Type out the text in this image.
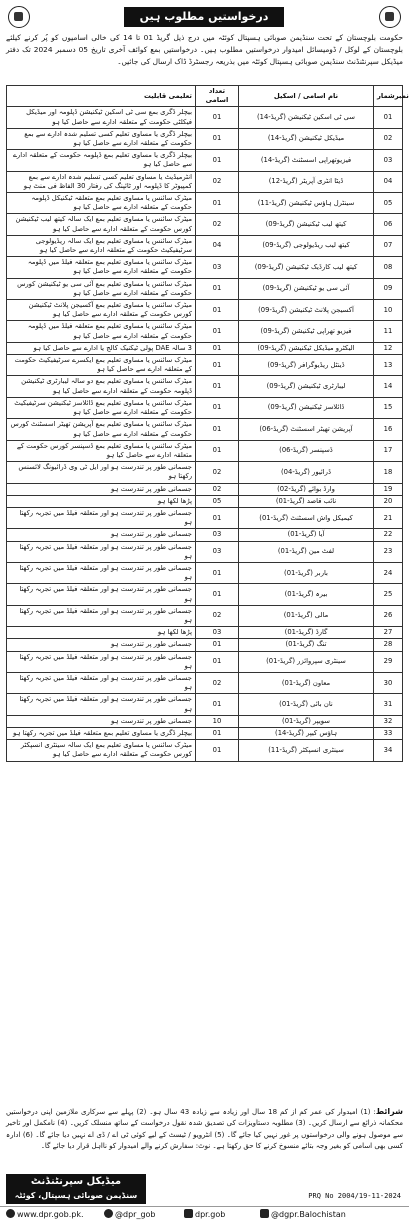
درخواستیں مطلوب ہیں
حکومت بلوچستان کے تحت سنڈیمن صوبائی ہسپتال کوئٹہ میں درج ذیل گریڈ 01 تا 14 کی خالی اسامیوں کو پُر کرنے کیلئے بلوچستان کے لوکل / ڈومیسائل امیدوار درخواستیں مطلوب ہیں۔ درخواستیں بمع کوائف آخری تاریخ 05 دسمبر 2024 تک دفتر میڈیکل سپرنٹنڈنٹ سنڈیمن صوبائی ہسپتال کوئٹہ میں بذریعہ رجسٹرڈ ڈاک ارسال کی جائیں۔
نمبرشمار	نام اسامی / اسکیل	تعداد اسامی	تعلیمی قابلیت
01	سی ٹی اسکین ٹیکنیشن (گریڈ-14)	01	بیچلر ڈگری بمع سی ٹی اسکین ٹیکنیشن ڈپلومہ اور میڈیکل فیکلٹی حکومت کے متعلقہ ادارے سے حاصل کیا ہو
02	میڈیکل ٹیکنیشن (گریڈ-14)	01	بیچلر ڈگری یا مساوی تعلیم کسی تسلیم شدہ ادارے سے بمع حکومت کے متعلقہ ادارے سے حاصل کیا ہو
03	فیزیوتھراپی اسسٹنٹ (گریڈ-14)	01	بیچلر ڈگری یا مساوی تعلیم بمع ڈپلومہ حکومت کے متعلقہ ادارے سے حاصل کیا ہو
04	ڈیٹا انٹری آپریٹر (گریڈ-12)	02	انٹرمیڈیٹ یا مساوی تعلیم کسی تسلیم شدہ ادارے سے بمع کمپیوٹر کا ڈپلومہ اور ٹائپنگ کی رفتار 30 الفاظ فی منٹ ہو
05	سینٹرل ہاؤس ٹیکنیشن (گریڈ-11)	01	میٹرک سائنس یا مساوی تعلیم بمع متعلقہ ٹیکنیکل ڈپلومہ حکومت کے متعلقہ ادارے سے حاصل کیا ہو
06	کیتھ لیب ٹیکنیشن (گریڈ-09)	02	میٹرک سائنس یا مساوی تعلیم بمع ایک سالہ کیتھ لیب ٹیکنیشن کورس حکومت کے متعلقہ ادارے سے حاصل کیا ہو
07	کیتھ لیب ریڈیولوجی (گریڈ-09)	04	میٹرک سائنس یا مساوی تعلیم بمع ایک سالہ ریڈیولوجی سرٹیفیکیٹ حکومت کے متعلقہ ادارے سے حاصل کیا ہو
08	کیتھ لیب کارڈیک ٹیکنیشن (گریڈ-09)	03	میٹرک سائنس یا مساوی تعلیم بمع متعلقہ فیلڈ میں ڈپلومہ حکومت کے متعلقہ ادارے سے حاصل کیا ہو
09	آئی سی یو ٹیکنیشن (گریڈ-09)	01	میٹرک سائنس یا مساوی تعلیم بمع آئی سی یو ٹیکنیشن کورس حکومت کے متعلقہ ادارے سے حاصل کیا ہو
10	آکسیجن پلانٹ ٹیکنیشن (گریڈ-09)	01	میٹرک سائنس یا مساوی تعلیم بمع آکسیجن پلانٹ ٹیکنیشن کورس حکومت کے متعلقہ ادارے سے حاصل کیا ہو
11	فیزیو تھراپی ٹیکنیشن (گریڈ-09)	01	میٹرک سائنس یا مساوی تعلیم بمع متعلقہ فیلڈ میں ڈپلومہ حکومت کے متعلقہ ادارے سے حاصل کیا ہو
12	الیکٹرو میڈیکل ٹیکنیشن (گریڈ-09)	01	3 سالہ DAE پولی ٹیکنیک کالج یا ادارے سے حاصل کیا ہو
13	ڈینٹل ریڈیوگرافر (گریڈ-09)	01	میٹرک سائنس یا مساوی تعلیم بمع ایکسرے سرٹیفیکیٹ حکومت کے متعلقہ ادارے سے حاصل کیا ہو
14	لیبارٹری ٹیکنیشن (گریڈ-09)	01	میٹرک سائنس یا مساوی تعلیم بمع دو سالہ لیبارٹری ٹیکنیشن ڈپلومہ حکومت کے متعلقہ ادارے سے حاصل کیا ہو
15	ڈائلاسز ٹیکنیشن (گریڈ-09)	01	میٹرک سائنس یا مساوی تعلیم بمع ڈائلاسز ٹیکنیشن سرٹیفیکیٹ حکومت کے متعلقہ ادارے سے حاصل کیا ہو
16	آپریشن تھیٹر اسسٹنٹ (گریڈ-06)	01	میٹرک سائنس یا مساوی تعلیم بمع آپریشن تھیٹر اسسٹنٹ کورس حکومت کے متعلقہ ادارے سے حاصل کیا ہو
17	ڈسپنسر (گریڈ-06)	01	میٹرک سائنس یا مساوی تعلیم بمع ڈسپنسر کورس حکومت کے متعلقہ ادارے سے حاصل کیا ہو
18	ڈرائیور (گریڈ-04)	02	جسمانی طور پر تندرست ہو اور ایل ٹی وی ڈرائیونگ لائسنس رکھتا ہو
19	وارڈ بوائے (گریڈ-02)	02	جسمانی طور پر تندرست ہو
20	نائب قاصد (گریڈ-01)	05	پڑھا لکھا ہو
21	کیمیکل واش اسسٹنٹ (گریڈ-01)	01	جسمانی طور پر تندرست ہو اور متعلقہ فیلڈ میں تجربہ رکھتا ہو
22	آیا (گریڈ-01)	03	جسمانی طور پر تندرست ہو
23	لفٹ مین (گریڈ-01)	03	جسمانی طور پر تندرست ہو اور متعلقہ فیلڈ میں تجربہ رکھتا ہو
24	باربر (گریڈ-01)	01	جسمانی طور پر تندرست ہو اور متعلقہ فیلڈ میں تجربہ رکھتا ہو
25	بیرہ (گریڈ-01)	01	جسمانی طور پر تندرست ہو اور متعلقہ فیلڈ میں تجربہ رکھتا ہو
26	مالی (گریڈ-01)	02	جسمانی طور پر تندرست ہو اور متعلقہ فیلڈ میں تجربہ رکھتا ہو
27	گارڈ (گریڈ-01)	03	پڑھا لکھا ہو
28	تنگ (گریڈ-01)	01	جسمانی طور پر تندرست ہو
29	سینٹری سپروائزر (گریڈ-01)	01	جسمانی طور پر تندرست ہو اور متعلقہ فیلڈ میں تجربہ رکھتا ہو
30	معاون (گریڈ-01)	02	جسمانی طور پر تندرست ہو اور متعلقہ فیلڈ میں تجربہ رکھتا ہو
31	نان بائی (گریڈ-01)	01	جسمانی طور پر تندرست ہو اور متعلقہ فیلڈ میں تجربہ رکھتا ہو
32	سویپر (گریڈ-01)	10	جسمانی طور پر تندرست ہو
33	ہاؤس کیپر (گریڈ-14)	01	بیچلر ڈگری یا مساوی تعلیم بمع متعلقہ فیلڈ میں تجربہ رکھتا ہو
34	سینٹری انسپکٹر (گریڈ-11)	01	میٹرک سائنس یا مساوی تعلیم بمع ایک سالہ سینٹری انسپکٹر کورس حکومت کے متعلقہ ادارے سے حاصل کیا ہو
شرائط: (1) امیدوار کی عمر کم از کم 18 سال اور زیادہ سے زیادہ 43 سال ہو۔ (2) پہلے سے سرکاری ملازمین اپنی درخواستیں محکمانہ ذرائع سے ارسال کریں۔ (3) مطلوبہ دستاویزات کی تصدیق شدہ نقول درخواست کے ساتھ منسلک کریں۔ (4) نامکمل اور تاخیر سے موصول ہونے والی درخواستوں پر غور نہیں کیا جائے گا۔ (5) انٹرویو / ٹیسٹ کے لیے کوئی ٹی اے / ڈی اے نہیں دیا جائے گا۔ (6) ادارہ کسی بھی اسامی کو بغیر وجہ بتائے منسوخ کرنے کا حق رکھتا ہے۔ نوٹ: سفارش کرنے والے امیدوار کو نااہل قرار دیا جائے گا۔
میڈیکل سپرنٹنڈنٹ
سنڈیمن صوبائی ہسپتال، کوئٹہ	PRQ No 2004/19-11-2024
www.dpr.gob.pk.	@dpr_gob	dpr.gob	@dgpr.Balochistan
